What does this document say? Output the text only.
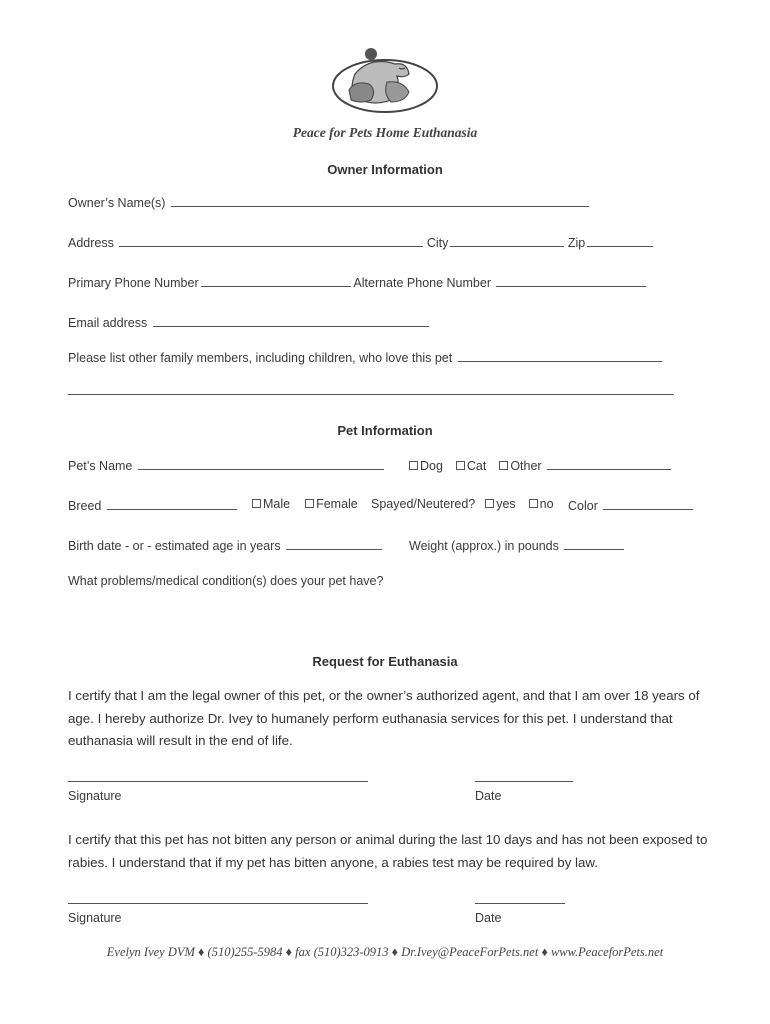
Peace for Pets Home Euthanasia
Owner Information
Owner’s Name(s)
Address	City	Zip
Primary Phone Number	Alternate Phone Number
Email address
Please list other family members, including children, who love this pet
Pet Information
Pet’s Name	Dog Cat Other
Breed	Male Female Spayed/Neutered? yes no Color
Birth date - or - estimated age in years	Weight (approx.) in pounds
What problems/medical condition(s) does your pet have?
Request for Euthanasia
I certify that I am the legal owner of this pet, or the owner’s authorized agent, and that I am over 18 years of age. I hereby authorize Dr. Ivey to humanely perform euthanasia services for this pet. I understand that euthanasia will result in the end of life.
Signature	Date
I certify that this pet has not bitten any person or animal during the last 10 days and has not been exposed to rabies. I understand that if my pet has bitten anyone, a rabies test may be required by law.
Signature	Date
Evelyn Ivey DVM ♦ (510)255-5984 ♦ fax (510)323-0913 ♦ Dr.Ivey@PeaceForPets.net ♦ www.PeaceforPets.net
